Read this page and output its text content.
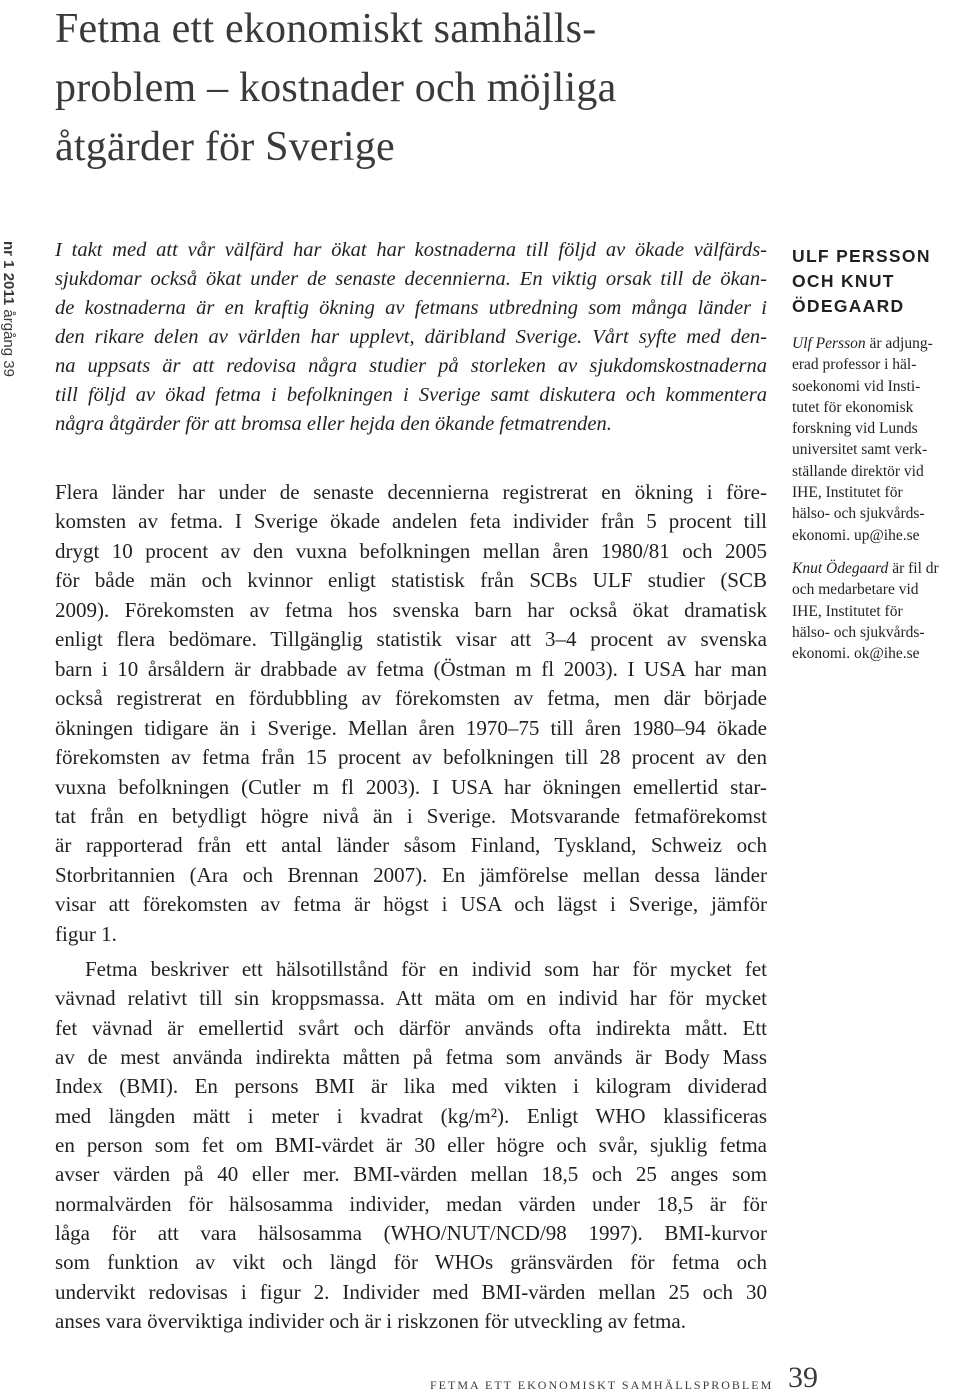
Fetma ett ekonomiskt samhälls-
problem – kostnader och möjliga
åtgärder för Sverige
nr 1 2011 årgång 39
I takt med att vår välfärd har ökat har kostnaderna till följd av ökade välfärds-
sjukdomar också ökat under de senaste decennierna. En viktig orsak till de ökan-
de kostnaderna är en kraftig ökning av fetmans utbredning som många länder i
den rikare delen av världen har upplevt, däribland Sverige. Vårt syfte med den-
na uppsats är att redovisa några studier på storleken av sjukdomskostnaderna
till följd av ökad fetma i befolkningen i Sverige samt diskutera och kommentera
några åtgärder för att bromsa eller hejda den ökande fetmatrenden.
Flera länder har under de senaste decennierna registrerat en ökning i före-
komsten av fetma. I Sverige ökade andelen feta individer från 5 procent till
drygt 10 procent av den vuxna befolkningen mellan åren 1980/81 och 2005
för både män och kvinnor enligt statistisk från SCBs ULF studier (SCB
2009). Förekomsten av fetma hos svenska barn har också ökat dramatisk
enligt flera bedömare. Tillgänglig statistik visar att 3–4 procent av svenska
barn i 10 årsåldern är drabbade av fetma (Östman m fl 2003). I USA har man
också registrerat en fördubbling av förekomsten av fetma, men där började
ökningen tidigare än i Sverige. Mellan åren 1970–75 till åren 1980–94 ökade
förekomsten av fetma från 15 procent av befolkningen till 28 procent av den
vuxna befolkningen (Cutler m fl 2003). I USA har ökningen emellertid star-
tat från en betydligt högre nivå än i Sverige. Motsvarande fetmaförekomst
är rapporterad från ett antal länder såsom Finland, Tyskland, Schweiz och
Storbritannien (Ara och Brennan 2007). En jämförelse mellan dessa länder
visar att förekomsten av fetma är högst i USA och lägst i Sverige, jämför
figur 1.
Fetma beskriver ett hälsotillstånd för en individ som har för mycket fet
vävnad relativt till sin kroppsmassa. Att mäta om en individ har för mycket
fet vävnad är emellertid svårt och därför används ofta indirekta mått. Ett
av de mest använda indirekta måtten på fetma som används är Body Mass
Index (BMI). En persons BMI är lika med vikten i kilogram dividerad
med längden mätt i meter i kvadrat (kg/m²). Enligt WHO klassificeras
en person som fet om BMI-värdet är 30 eller högre och svår, sjuklig fetma
avser värden på 40 eller mer. BMI-värden mellan 18,5 och 25 anges som
normalvärden för hälsosamma individer, medan värden under 18,5 är för
låga för att vara hälsosamma (WHO/NUT/NCD/98 1997). BMI-kurvor
som funktion av vikt och längd för WHOs gränsvärden för fetma och
undervikt redovisas i figur 2. Individer med BMI-värden mellan 25 och 30
anses vara överviktiga individer och är i riskzonen för utveckling av fetma.
ULF PERSSON
OCH KNUT
ÖDEGAARD
Ulf Persson är adjung-
erad professor i häl-
soekonomi vid Insti-
tutet för ekonomisk
forskning vid Lunds
universitet samt verk-
ställande direktör vid
IHE, Institutet för
hälso- och sjukvårds-
ekonomi. up@ihe.se
Knut Ödegaard är fil dr
och medarbetare vid
IHE, Institutet för
hälso- och sjukvårds-
ekonomi. ok@ihe.se
FETMA ETT EKONOMISKT SAMHÄLLSPROBLEM 39
